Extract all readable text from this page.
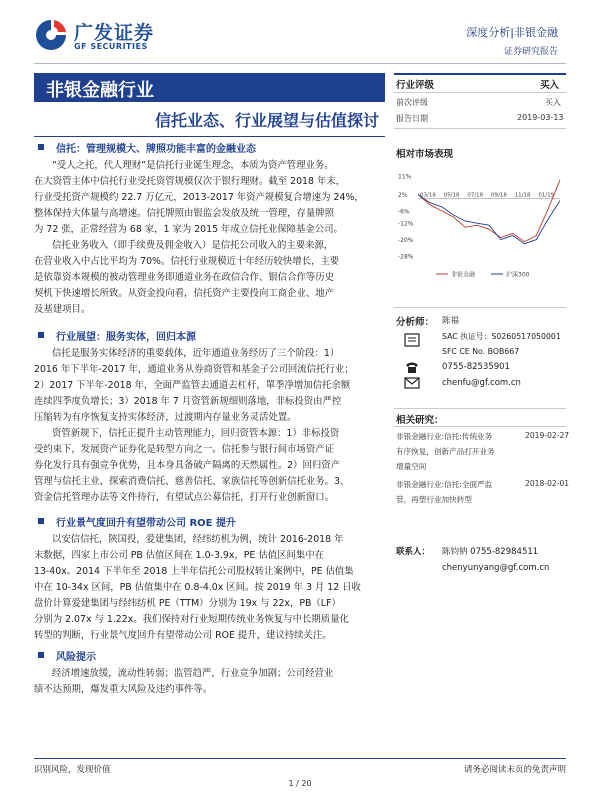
广发证券
GF SECURITIES
深度分析|非银金融
证券研究报告
非银金融行业
信托业态、行业展望与估值探讨
信托：管理规模大、牌照功能丰富的金融业态
“受人之托，代人理财”是信托行业诞生理念，本质为资产管理业务。
在大资管主体中信托行业受托资管规模仅次于银行理财。截至 2018 年末，
行业受托资产规模约 22.7 万亿元，2013-2017 年资产规模复合增速为 24%，
整体保持大体量与高增速。信托牌照由银监会发放及统一管理，存量牌照
为 72 张，正常经营为 68 家，1 家为 2015 年成立信托业保障基金公司。
信托业务收入（即手续费及佣金收入）是信托公司收入的主要来源，
在营业收入中占比平均为 70%。信托行业规模近十年经历较快增长，主要
是依靠资本规模的被动管理业务即通道业务在政信合作、银信合作等历史
契机下快速增长所致。从资金投向看，信托资产主要投向工商企业、地产
及基建项目。
行业展望：服务实体，回归本源
信托是服务实体经济的重要载体，近年通道业务经历了三个阶段：1）
2016 年下半年-2017 年，通道业务从券商资管和基金子公司回流信托行业；
2）2017 下半年-2018 年，全面严监管去通道去杠杆，單季净增加信托余额
连续四季度负增长；3）2018 年 7 月资管新规细则落地，非标投资由严控
压缩转为有序恢复支持实体经济，过渡期内存量业务灵活处置。
资管新规下，信托正提升主动管理能力，回归资管本源：1）非标投资
受约束下，发展资产证券化是转型方向之一。信托参与银行间市场资产证
券化发行具有强竞争优势，且本身具备破产隔离的天然属性。2）回归资产
管理与信托主业，探索消费信托、慈善信托、家族信托等创新信托业务。3、
资金信托管理办法等文件待行，有望试点公募信托，打开行业创新窗口。
行业景气度回升有望带动公司 ROE 提升
以安信信托，陕国投，爱建集团，经纬纺机为例，统计 2016-2018 年
末数据，四家上市公司 PB 估值区间在 1.0-3.9x，PE 估值区间集中在
13-40x。2014 下半年至 2018 上半年信托公司股权转让案例中，PE 估值集
中在 10-34x 区间，PB 估值集中在 0.8-4.0x 区间。按 2019 年 3 月 12 日收
盘价计算爱建集团与经纬纺机 PE（TTM）分别为 19x 与 22x，PB（LF）
分别为 2.07x 与 1.22x。我们保持对行业短期传统业务恢复与中长期质量化
转型的判断，行业景气度回升有望带动公司 ROE 提升，建议持续关注。
风险提示
经济增速放缓，流动性转弱；监管趋严，行业竞争加剧；公司经营业
绩不达预期，爆发重大风险及违约事件等。
行业评级	买入
前次评级	买入
报告日期	2019-03-13
相对市场表现
11%
2%
-6%
-12%
-20%
-28%
03/18 05/18 07/18 09/18 11/18 01/19
非银金融	沪深300
分析师： 陈福
SAC 执证号：S0260517050001
SFC CE No. BOB667
0755-82535901
chenfu@gf.com.cn
相关研究：
非银金融行业:信托:传统业务	2019-02-27
有序恢复，创新产品打开业务
增量空间
非银金融行业:信托:全面严监	2018-02-01
管，再塑行业加快转型
联系人： 陈钧钠 0755-82984511
chenyunyang@gf.com.cn
识别风险，发现价值	请务必阅读末页的免责声明
1 / 20
